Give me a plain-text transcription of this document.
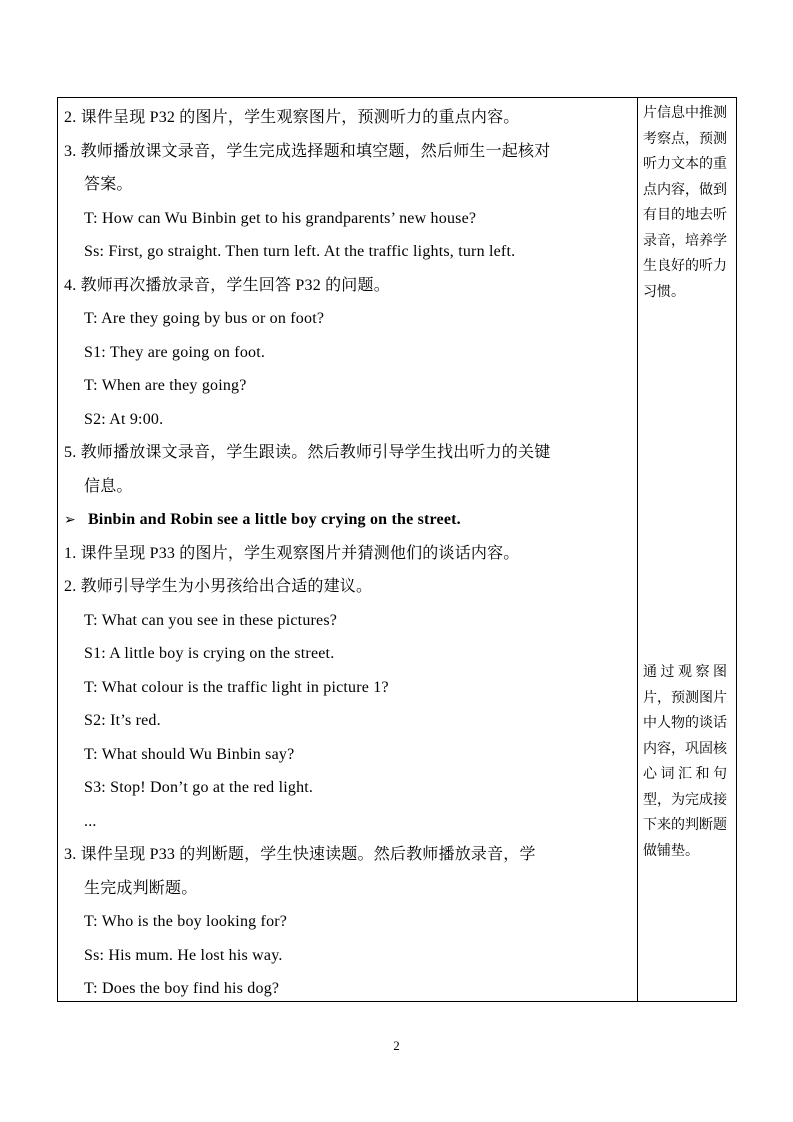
2. 课件呈现 P32 的图片，学生观察图片，预测听力的重点内容。
3. 教师播放课文录音，学生完成选择题和填空题，然后师生一起核对
答案。
T: How can Wu Binbin get to his grandparents’ new house?
Ss: First, go straight. Then turn left. At the traffic lights, turn left.
4. 教师再次播放录音，学生回答 P32 的问题。
T: Are they going by bus or on foot?
S1: They are going on foot.
T: When are they going?
S2: At 9:00.
5. 教师播放课文录音，学生跟读。然后教师引导学生找出听力的关键
信息。
➢ Binbin and Robin see a little boy crying on the street.
1. 课件呈现 P33 的图片，学生观察图片并猜测他们的谈话内容。
2. 教师引导学生为小男孩给出合适的建议。
T: What can you see in these pictures?
S1: A little boy is crying on the street.
T: What colour is the traffic light in picture 1?
S2: It’s red.
T: What should Wu Binbin say?
S3: Stop! Don’t go at the red light.
...
3. 课件呈现 P33 的判断题，学生快速读题。然后教师播放录音，学
生完成判断题。
T: Who is the boy looking for?
Ss: His mum. He lost his way.
T: Does the boy find his dog?
片信息中推测
考察点，预测
听力文本的重
点内容，做到
有目的地去听
录音，培养学
生良好的听力
习惯。
通 过 观 察 图
片，预测图片
中人物的谈话
内容，巩固核
心 词 汇 和 句
型，为完成接
下来的判断题
做铺垫。
2
